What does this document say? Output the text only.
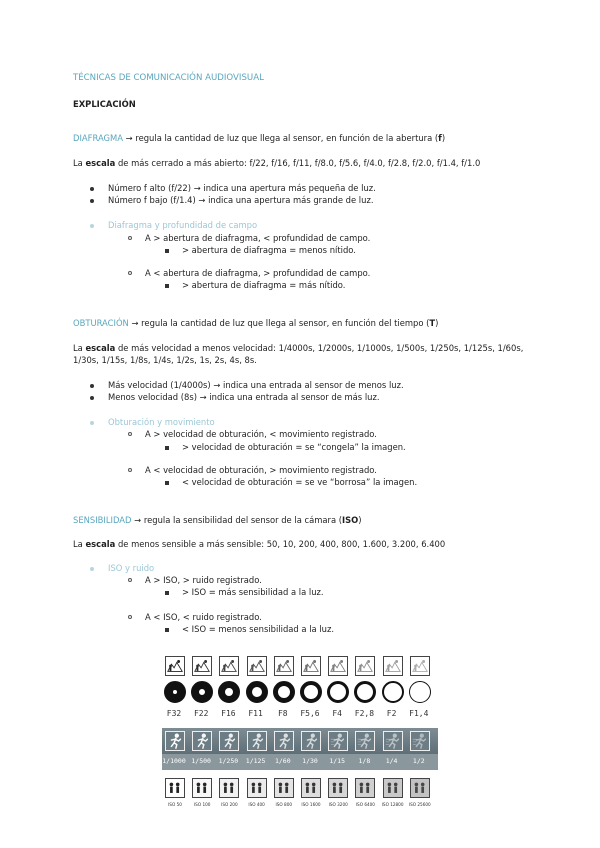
TÉCNICAS DE COMUNICACIÓN AUDIOVISUAL
EXPLICACIÓN
DIAFRAGMA → regula la cantidad de luz que llega al sensor, en función de la abertura (f)
La escala de más cerrado a más abierto: f/22, f/16, f/11, f/8.0, f/5.6, f/4.0, f/2.8, f/2.0, f/1.4, f/1.0
Número f alto (f/22) → indica una apertura más pequeña de luz.
Número f bajo (f/1.4) → indica una apertura más grande de luz.
Diafragma y profundidad de campo
A > abertura de diafragma, < profundidad de campo.
> abertura de diafragma = menos nítido.
A < abertura de diafragma, > profundidad de campo.
> abertura de diafragma = más nítido.
OBTURACIÓN → regula la cantidad de luz que llega al sensor, en función del tiempo (T)
La escala de más velocidad a menos velocidad: 1/4000s, 1/2000s, 1/1000s, 1/500s, 1/250s, 1/125s, 1/60s,
1/30s, 1/15s, 1/8s, 1/4s, 1/2s, 1s, 2s, 4s, 8s.
Más velocidad (1/4000s) → indica una entrada al sensor de menos luz.
Menos velocidad (8s) → indica una entrada al sensor de más luz.
Obturación y movimiento
A > velocidad de obturación, < movimiento registrado.
> velocidad de obturación = se “congela” la imagen.
A < velocidad de obturación, > movimiento registrado.
< velocidad de obturación = se ve “borrosa” la imagen.
SENSIBILIDAD → regula la sensibilidad del sensor de la cámara (ISO)
La escala de menos sensible a más sensible: 50, 10, 200, 400, 800, 1.600, 3.200, 6.400
ISO y ruido
A > ISO, > ruido registrado.
> ISO = más sensibilidad a la luz.
A < ISO, < ruido registrado.
< ISO = menos sensibilidad a la luz.
F32	F22	F16	F11	F8	F5,6	F4	F2,8	F2	F1,4
1/1000 1/500	1/250	1/125	1/60	1/30	1/15	1/8	1/4	1/2
ISO 50	ISO 100	ISO 200	ISO 400	ISO 800	ISO 1600	ISO 3200	ISO 6400	ISO 12800 ISO 25600
